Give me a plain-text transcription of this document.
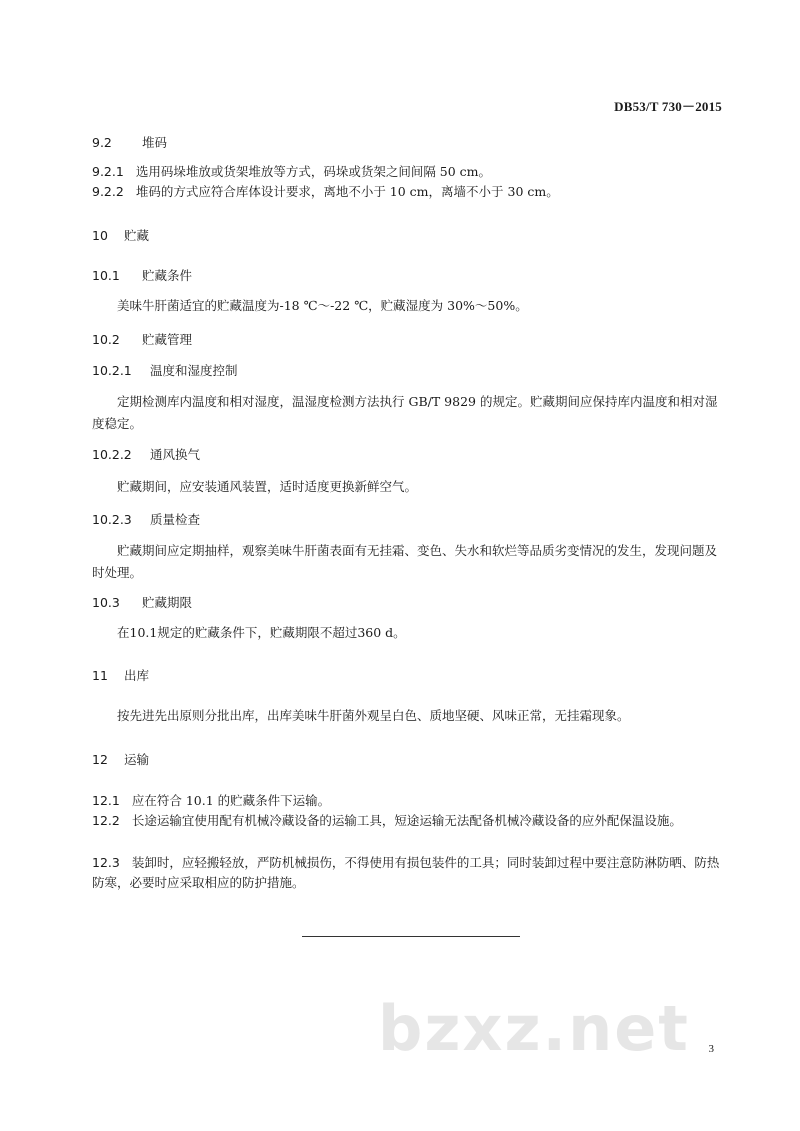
DB53/T 730－2015
9.2 堆码
9.2.1 选用码垛堆放或货架堆放等方式，码垛或货架之间间隔 50 cm。
9.2.2 堆码的方式应符合库体设计要求，离地不小于 10 cm，离墙不小于 30 cm。
10 贮藏
10.1 贮藏条件
美味牛肝菌适宜的贮藏温度为-18 ℃～-22 ℃，贮藏湿度为 30%～50%。
10.2 贮藏管理
10.2.1 温度和湿度控制
定期检测库内温度和相对湿度，温湿度检测方法执行 GB/T 9829 的规定。贮藏期间应保持库内温度和相对湿度稳定。
10.2.2 通风换气
贮藏期间，应安装通风装置，适时适度更换新鲜空气。
10.2.3 质量检查
贮藏期间应定期抽样，观察美味牛肝菌表面有无挂霜、变色、失水和软烂等品质劣变情况的发生，发现问题及时处理。
10.3 贮藏期限
在10.1规定的贮藏条件下，贮藏期限不超过360 d。
11 出库
按先进先出原则分批出库，出库美味牛肝菌外观呈白色、质地坚硬、风味正常，无挂霜现象。
12 运输
12.1 应在符合 10.1 的贮藏条件下运输。
12.2 长途运输宜使用配有机械冷藏设备的运输工具，短途运输无法配备机械冷藏设备的应外配保温设施。
12.3 装卸时，应轻搬轻放，严防机械损伤，不得使用有损包装件的工具；同时装卸过程中要注意防淋防晒、防热防寒，必要时应采取相应的防护措施。
bzxz.net 3
